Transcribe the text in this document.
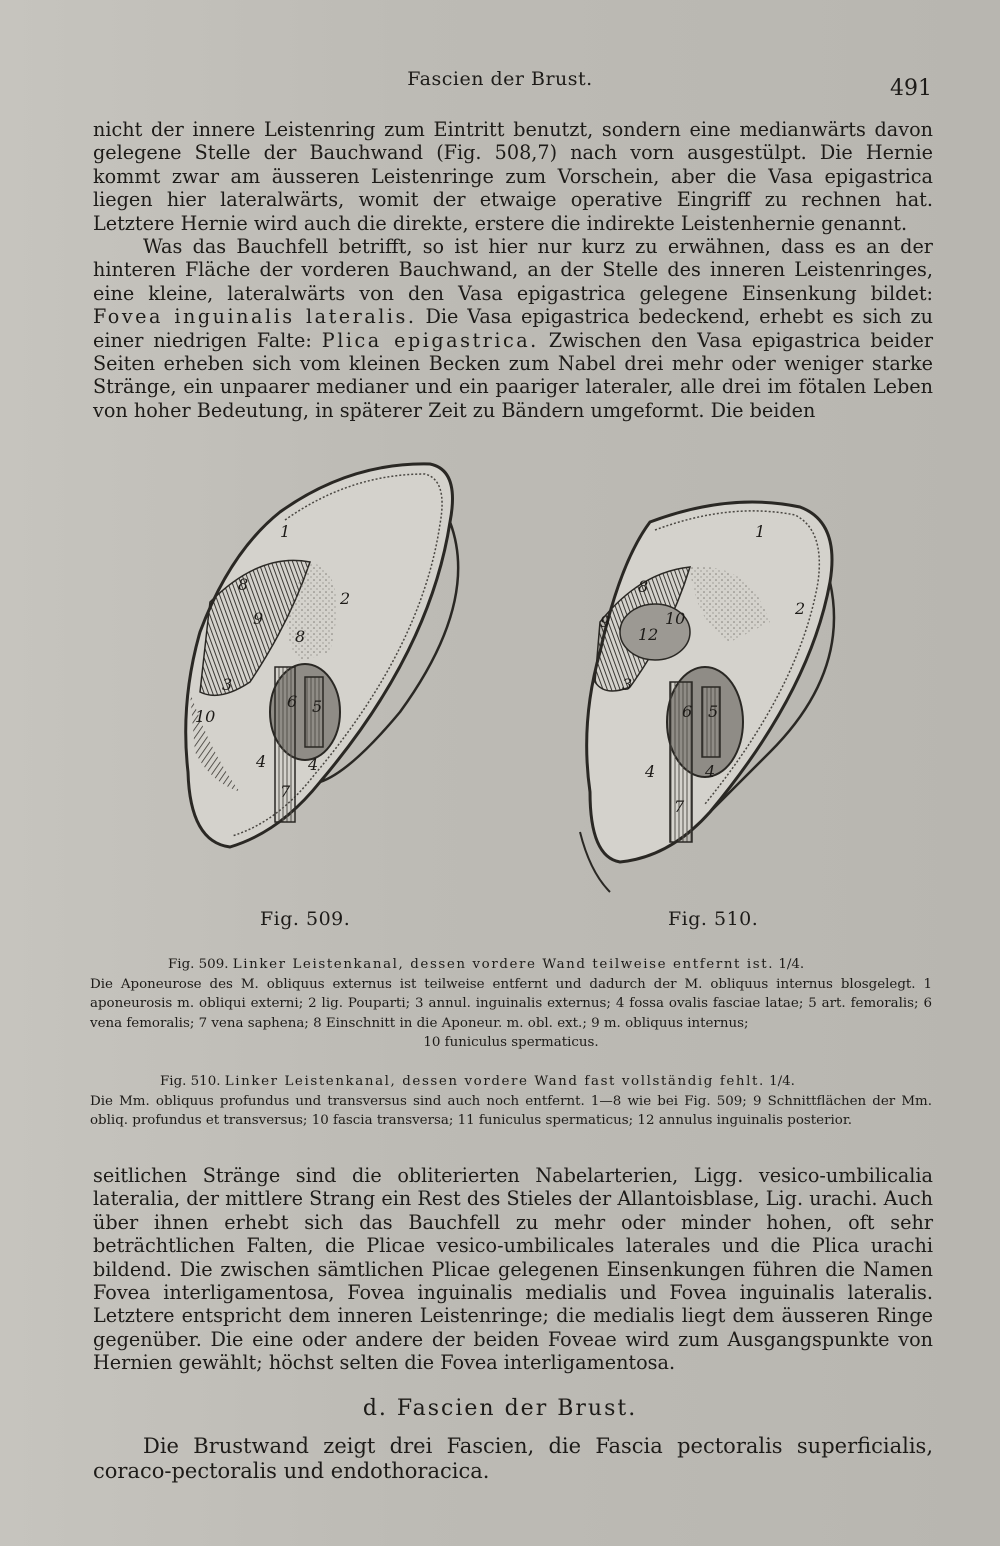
Fascien der Brust.	491

nicht der innere Leistenring zum Eintritt benutzt, sondern eine medianwärts davon gelegene Stelle der Bauchwand (Fig. 508,7) nach vorn ausgestülpt. Die Hernie kommt zwar am äusseren Leistenringe zum Vorschein, aber die Vasa epigastrica liegen hier lateralwärts, womit der etwaige operative Eingriff zu rechnen hat. Letztere Hernie wird auch die direkte, erstere die indirekte Leistenhernie genannt.

Was das Bauchfell betrifft, so ist hier nur kurz zu erwähnen, dass es an der hinteren Fläche der vorderen Bauchwand, an der Stelle des inneren Leistenringes, eine kleine, lateralwärts von den Vasa epigastrica gelegene Einsenkung bildet: Fovea inguinalis lateralis. Die Vasa epigastrica bedeckend, erhebt es sich zu einer niedrigen Falte: Plica epigastrica. Zwischen den Vasa epigastrica beider Seiten erheben sich vom kleinen Becken zum Nabel drei mehr oder weniger starke Stränge, ein unpaarer medianer und ein paariger lateraler, alle drei im fötalen Leben von hoher Bedeutung, in späterer Zeit zu Bändern umgeformt. Die beiden

1
2
3
4	4
5
6
7
8
8
9
10
1
2
3
4	4
5
6
7
8
9	10
12
Fig. 509.	Fig. 510.

Fig. 509. Linker Leistenkanal, dessen vordere Wand teilweise entfernt ist. 1/4.
Die Aponeurose des M. obliquus externus ist teilweise entfernt und dadurch der M. obliquus internus blosgelegt. 1 aponeurosis m. obliqui externi; 2 lig. Pouparti; 3 annul. inguinalis externus; 4 fossa ovalis fasciae latae; 5 art. femoralis; 6 vena femoralis; 7 vena saphena; 8 Einschnitt in die Aponeur. m. obl. ext.; 9 m. obliquus internus;
10 funiculus spermaticus.

Fig. 510. Linker Leistenkanal, dessen vordere Wand fast vollständig fehlt. 1/4.
Die Mm. obliquus profundus und transversus sind auch noch entfernt. 1—8 wie bei Fig. 509; 9 Schnittflächen der Mm. obliq. profundus et transversus; 10 fascia transversa; 11 funiculus spermaticus; 12 annulus inguinalis posterior.

seitlichen Stränge sind die obliterierten Nabelarterien, Ligg. vesico-umbilicalia lateralia, der mittlere Strang ein Rest des Stieles der Allantoisblase, Lig. urachi. Auch über ihnen erhebt sich das Bauchfell zu mehr oder minder hohen, oft sehr beträchtlichen Falten, die Plicae vesico-umbilicales laterales und die Plica urachi bildend. Die zwischen sämtlichen Plicae gelegenen Einsenkungen führen die Namen Fovea interligamentosa, Fovea inguinalis medialis und Fovea inguinalis lateralis. Letztere entspricht dem inneren Leistenringe; die medialis liegt dem äusseren Ringe gegenüber. Die eine oder andere der beiden Foveae wird zum Ausgangspunkte von Hernien gewählt; höchst selten die Fovea interligamentosa.

d. Fascien der Brust.

Die Brustwand zeigt drei Fascien, die Fascia pectoralis superficialis, coraco-pectoralis und endothoracica.
